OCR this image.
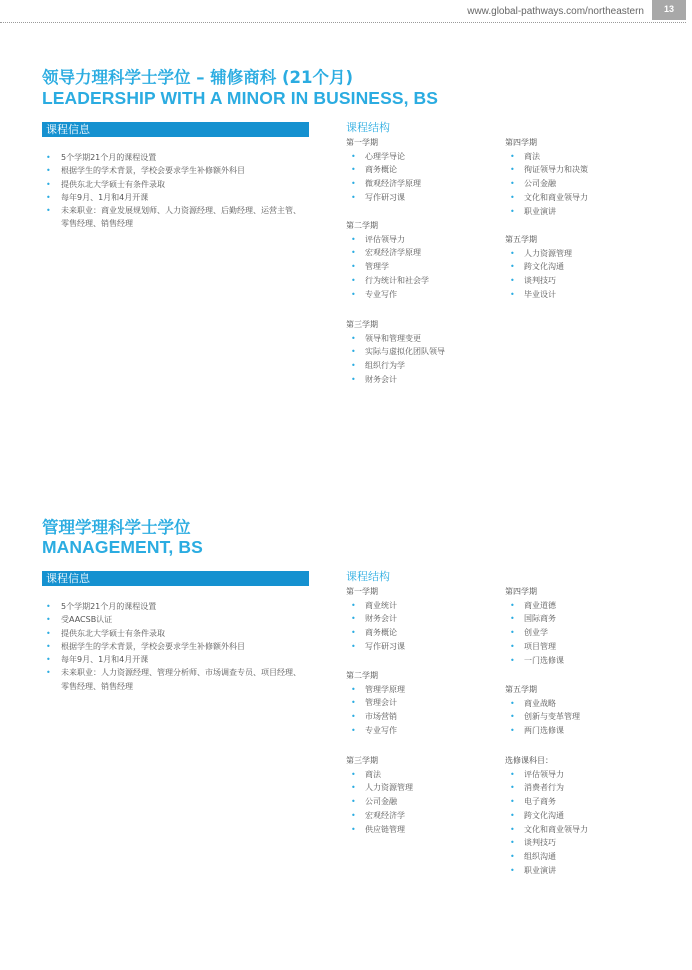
www.global-pathways.com/northeastern	13
领导力理科学士学位 – 辅修商科 (21个月)
LEADERSHIP WITH A MINOR IN BUSINESS, BS
课程信息
• 5个学期21个月的课程设置
• 根据学生的学术背景，学校会要求学生补修额外科目
• 提供东北大学硕士有条件录取
• 每年9月、1月和4月开课
• 未来职业：商业发展规划师、人力资源经理、后勤经理、运营主管、零售经理、销售经理
课程结构
第一学期
• 心理学导论
• 商务概论
• 微观经济学原理
• 写作研习课
第二学期
• 评估领导力
• 宏观经济学原理
• 管理学
• 行为统计和社会学
• 专业写作
第三学期
• 领导和管理变更
• 实际与虚拟化团队领导
• 组织行为学
• 财务会计
第四学期
• 商法
• 徇证领导力和决策
• 公司金融
• 文化和商业领导力
• 职业演讲
第五学期
• 人力资源管理
• 跨文化沟通
• 谈判技巧
• 毕业设计
管理学理科学士学位
MANAGEMENT, BS
课程信息
• 5个学期21个月的课程设置
• 受AACSB认证
• 提供东北大学硕士有条件录取
• 根据学生的学术背景，学校会要求学生补修额外科目
• 每年9月、1月和4月开课
• 未来职业：人力资源经理、管理分析师、市场调查专员、项目经理、零售经理、销售经理
课程结构
第一学期
• 商业统计
• 财务会计
• 商务概论
• 写作研习课
第二学期
• 管理学原理
• 管理会计
• 市场营销
• 专业写作
第三学期
• 商法
• 人力资源管理
• 公司金融
• 宏观经济学
• 供应链管理
第四学期
• 商业道德
• 国际商务
• 创业学
• 项目管理
• 一门选修课
第五学期
• 商业战略
• 创新与变革管理
• 两门选修课
选修课科目：
• 评估领导力
• 消费者行为
• 电子商务
• 跨文化沟通
• 文化和商业领导力
• 谈判技巧
• 组织沟通
• 职业演讲
